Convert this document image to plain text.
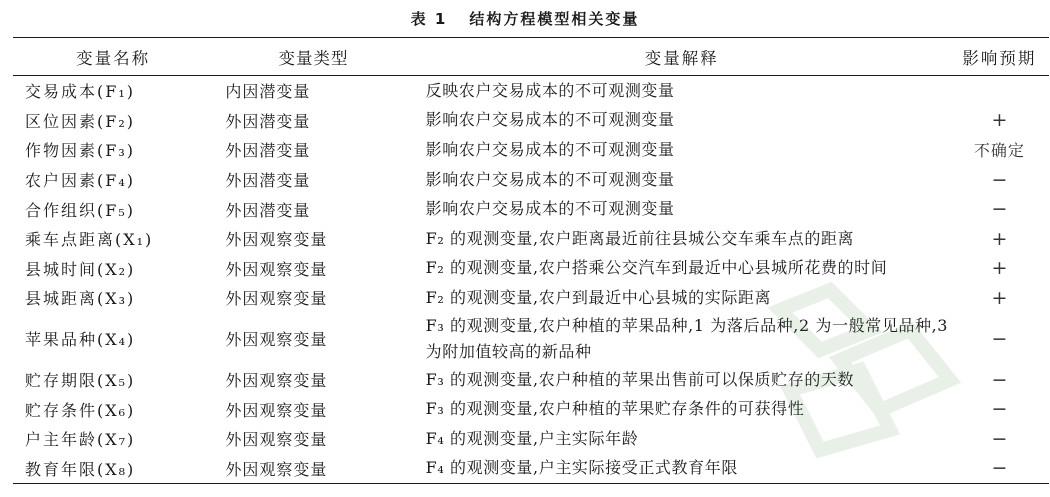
表 1 结构方程模型相关变量
变量名称	变量类型	变量解释	影响预期
交易成本(F₁)	内因潜变量	反映农户交易成本的不可观测变量	
区位因素(F₂)	外因潜变量	影响农户交易成本的不可观测变量	+
作物因素(F₃)	外因潜变量	影响农户交易成本的不可观测变量	不确定
农户因素(F₄)	外因潜变量	影响农户交易成本的不可观测变量	−
合作组织(F₅)	外因潜变量	影响农户交易成本的不可观测变量	−
乘车点距离(X₁)	外因观察变量	F₂ 的观测变量,农户距离最近前往县城公交车乘车点的距离	+
县城时间(X₂)	外因观察变量	F₂ 的观测变量,农户搭乘公交汽车到最近中心县城所花费的时间	+
县城距离(X₃)	外因观察变量	F₂ 的观测变量,农户到最近中心县城的实际距离	+
苹果品种(X₄)	外因观察变量	F₃ 的观测变量,农户种植的苹果品种,1 为落后品种,2 为一般常见品种,3 为附加值较高的新品种	−
贮存期限(X₅)	外因观察变量	F₃ 的观测变量,农户种植的苹果出售前可以保质贮存的天数	−
贮存条件(X₆)	外因观察变量	F₃ 的观测变量,农户种植的苹果贮存条件的可获得性	−
户主年龄(X₇)	外因观察变量	F₄ 的观测变量,户主实际年龄	−
教育年限(X₈)	外因观察变量	F₄ 的观测变量,户主实际接受正式教育年限	−
